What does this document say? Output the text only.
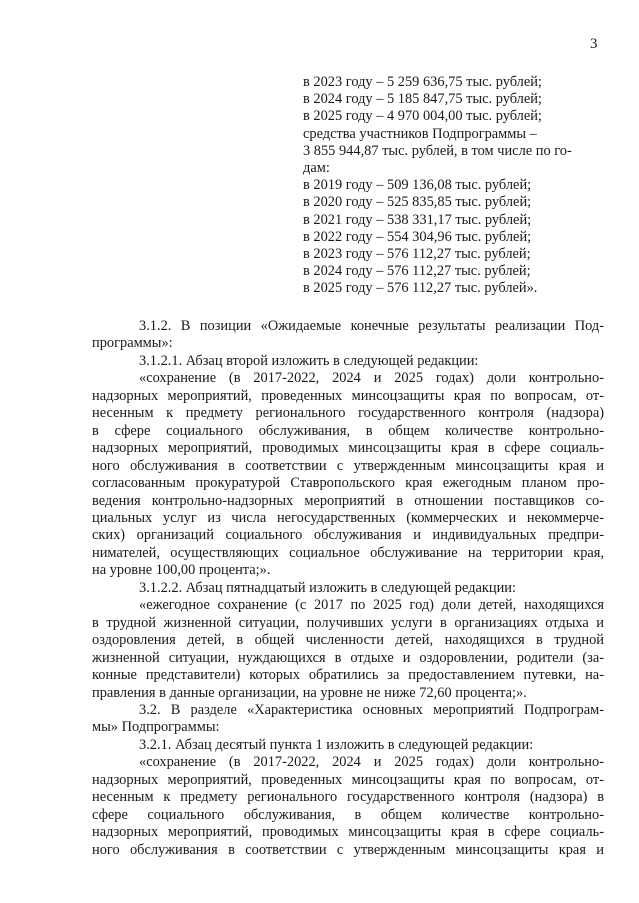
3
в 2023 году – 5 259 636,75 тыс. рублей;
в 2024 году – 5 185 847,75 тыс. рублей;
в 2025 году – 4 970 004,00 тыс. рублей;
средства участников Подпрограммы –
3 855 944,87 тыс. рублей, в том числе по го-
дам:
в 2019 году – 509 136,08 тыс. рублей;
в 2020 году – 525 835,85 тыс. рублей;
в 2021 году – 538 331,17 тыс. рублей;
в 2022 году – 554 304,96 тыс. рублей;
в 2023 году – 576 112,27 тыс. рублей;
в 2024 году – 576 112,27 тыс. рублей;
в 2025 году – 576 112,27 тыс. рублей».
3.1.2. В позиции «Ожидаемые конечные результаты реализации Под-
программы»:
3.1.2.1. Абзац второй изложить в следующей редакции:
«сохранение (в 2017-2022, 2024 и 2025 годах) доли контрольно-
надзорных мероприятий, проведенных минсоцзащиты края по вопросам, от-
несенным к предмету регионального государственного контроля (надзора)
в сфере социального обслуживания, в общем количестве контрольно-
надзорных мероприятий, проводимых минсоцзащиты края в сфере социаль-
ного обслуживания в соответствии с утвержденным минсоцзащиты края и
согласованным прокуратурой Ставропольского края ежегодным планом про-
ведения контрольно-надзорных мероприятий в отношении поставщиков со-
циальных услуг из числа негосударственных (коммерческих и некоммерче-
ских) организаций социального обслуживания и индивидуальных предпри-
нимателей, осуществляющих социальное обслуживание на территории края,
на уровне 100,00 процента;».
3.1.2.2. Абзац пятнадцатый изложить в следующей редакции:
«ежегодное сохранение (с 2017 по 2025 год) доли детей, находящихся
в трудной жизненной ситуации, получивших услуги в организациях отдыха и
оздоровления детей, в общей численности детей, находящихся в трудной
жизненной ситуации, нуждающихся в отдыхе и оздоровлении, родители (за-
конные представители) которых обратились за предоставлением путевки, на-
правления в данные организации, на уровне не ниже 72,60 процента;».
3.2. В разделе «Характеристика основных мероприятий Подпрограм-
мы» Подпрограммы:
3.2.1. Абзац десятый пункта 1 изложить в следующей редакции:
«сохранение (в 2017-2022, 2024 и 2025 годах) доли контрольно-
надзорных мероприятий, проведенных минсоцзащиты края по вопросам, от-
несенным к предмету регионального государственного контроля (надзора) в
сфере социального обслуживания, в общем количестве контрольно-
надзорных мероприятий, проводимых минсоцзащиты края в сфере социаль-
ного обслуживания в соответствии с утвержденным минсоцзащиты края и
